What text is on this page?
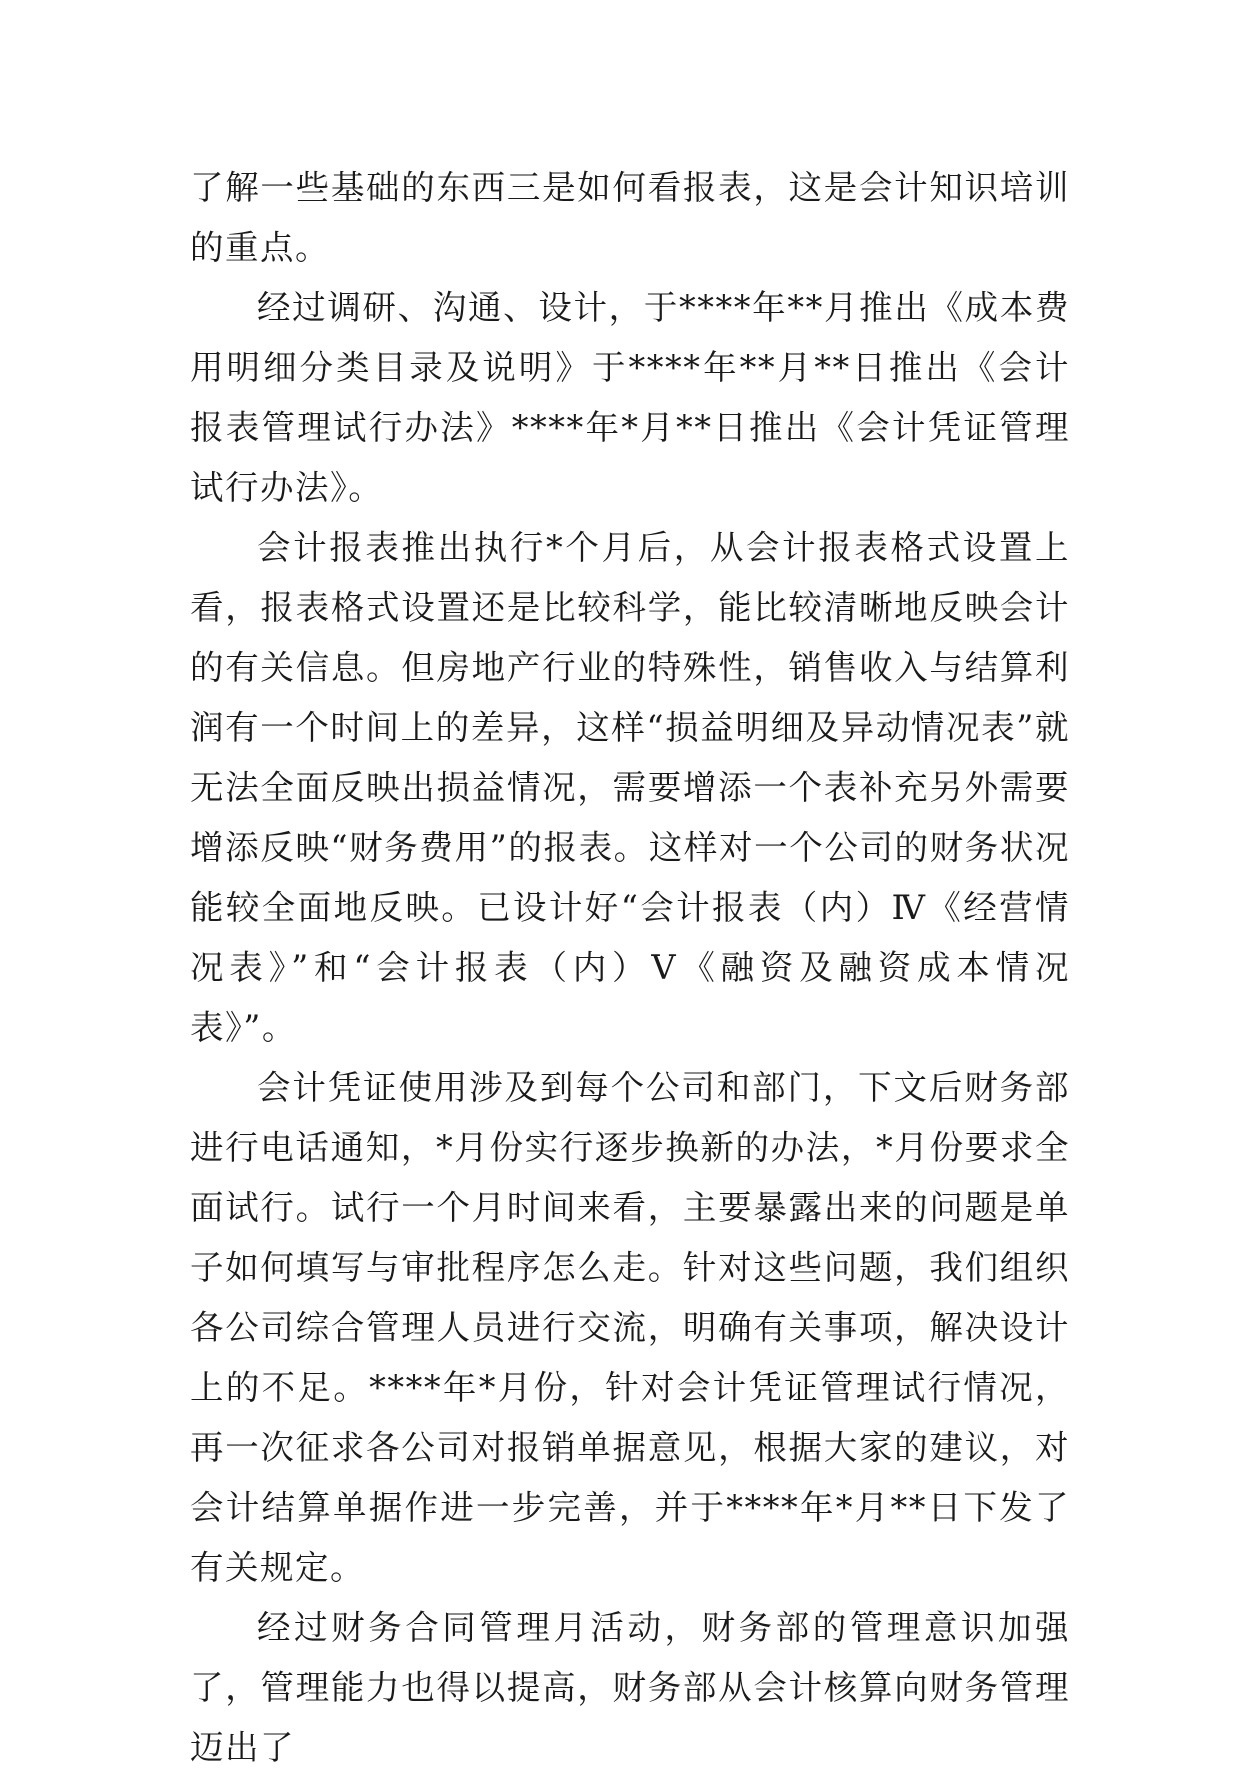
了解一些基础的东西三是如何看报表，这是会计知识培训的重点。

经过调研、沟通、设计，于****年**月推出《成本费用明细分类目录及说明》于****年**月**日推出《会计报表管理试行办法》****年*月**日推出《会计凭证管理试行办法》。

会计报表推出执行*个月后，从会计报表格式设置上看，报表格式设置还是比较科学，能比较清晰地反映会计的有关信息。但房地产行业的特殊性，销售收入与结算利润有一个时间上的差异，这样“损益明细及异动情况表”就无法全面反映出损益情况，需要增添一个表补充另外需要增添反映“财务费用”的报表。这样对一个公司的财务状况能较全面地反映。已设计好“会计报表（内）Ⅳ《经营情况表》”和“会计报表（内）Ⅴ《融资及融资成本情况表》”。

会计凭证使用涉及到每个公司和部门，下文后财务部进行电话通知，*月份实行逐步换新的办法，*月份要求全面试行。试行一个月时间来看，主要暴露出来的问题是单子如何填写与审批程序怎么走。针对这些问题，我们组织各公司综合管理人员进行交流，明确有关事项，解决设计上的不足。****年*月份，针对会计凭证管理试行情况，再一次征求各公司对报销单据意见，根据大家的建议，对会计结算单据作进一步完善，并于****年*月**日下发了有关规定。

经过财务合同管理月活动，财务部的管理意识加强了，管理能力也得以提高，财务部从会计核算向财务管理迈出了
